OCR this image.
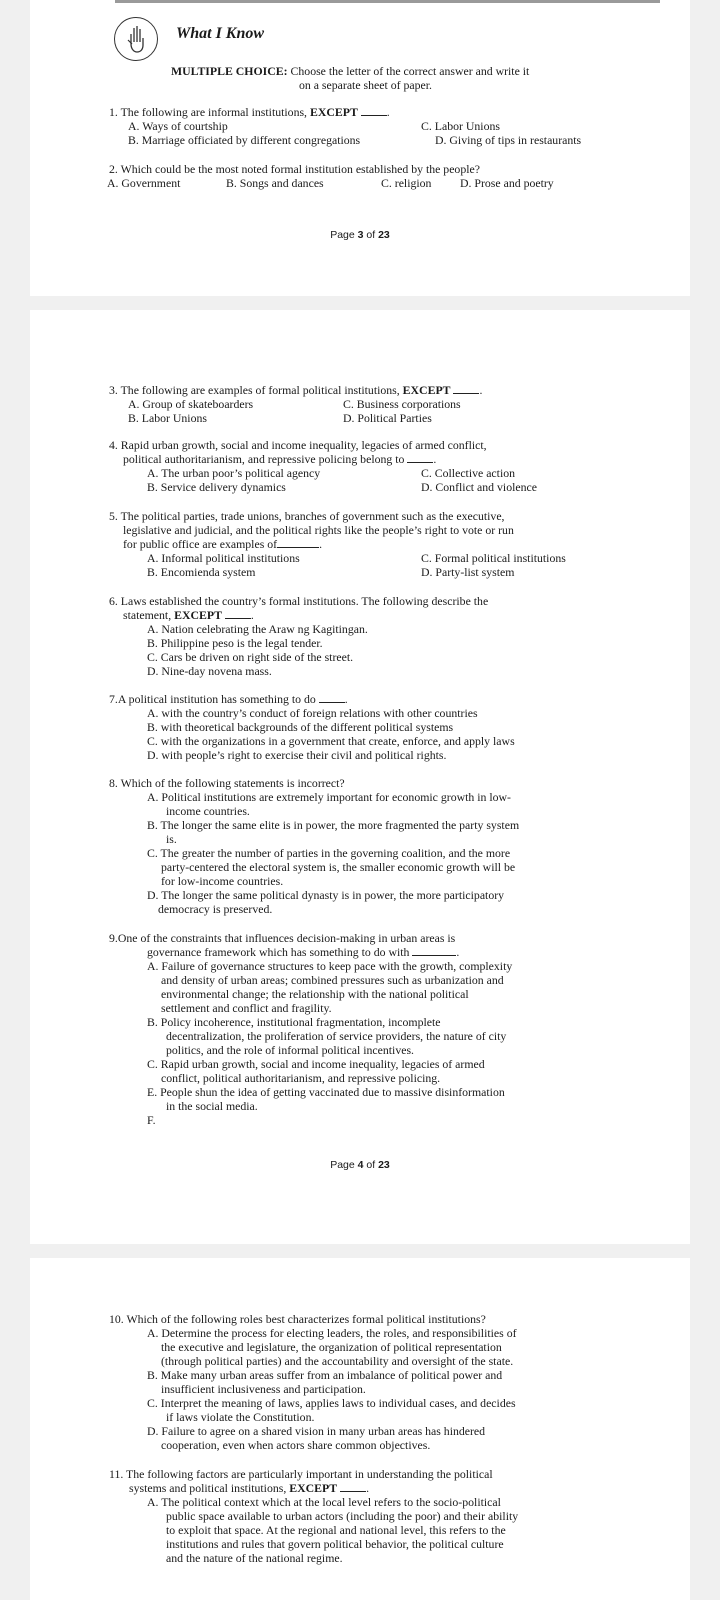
What I Know
MULTIPLE CHOICE: Choose the letter of the correct answer and write it
on a separate sheet of paper.
1. The following are informal institutions, EXCEPT .
A. Ways of courtship	C. Labor Unions
B. Marriage officiated by different congregations	D. Giving of tips in restaurants
2. Which could be the most noted formal institution established by the people?
A. Government	B. Songs and dances	C. religion D. Prose and poetry
Page 3 of 23
3. The following are examples of formal political institutions, EXCEPT .
A. Group of skateboarders	C. Business corporations
B. Labor Unions	D. Political Parties
4. Rapid urban growth, social and income inequality, legacies of armed conflict,
political authoritarianism, and repressive policing belong to .
A. The urban poor’s political agency	C. Collective action
B. Service delivery dynamics	D. Conflict and violence
5. The political parties, trade unions, branches of government such as the executive,
legislative and judicial, and the political rights like the people’s right to vote or run
for public office are examples of	.
A. Informal political institutions	C. Formal political institutions
B. Encomienda system	D. Party-list system
6. Laws established the country’s formal institutions. The following describe the
statement, EXCEPT .
A. Nation celebrating the Araw ng Kagitingan.
B. Philippine peso is the legal tender.
C. Cars be driven on right side of the street.
D. Nine-day novena mass.
7.A political institution has something to do .
A. with the country’s conduct of foreign relations with other countries
B. with theoretical backgrounds of the different political systems
C. with the organizations in a government that create, enforce, and apply laws
D. with people’s right to exercise their civil and political rights.
8. Which of the following statements is incorrect?
A. Political institutions are extremely important for economic growth in low-
income countries.
B. The longer the same elite is in power, the more fragmented the party system
is.
C. The greater the number of parties in the governing coalition, and the more
party-centered the electoral system is, the smaller economic growth will be
for low-income countries.
D. The longer the same political dynasty is in power, the more participatory
democracy is preserved.
9.One of the constraints that influences decision-making in urban areas is
governance framework which has something to do with	.
A. Failure of governance structures to keep pace with the growth, complexity
and density of urban areas; combined pressures such as urbanization and
environmental change; the relationship with the national political
settlement and conflict and fragility.
B. Policy incoherence, institutional fragmentation, incomplete
decentralization, the proliferation of service providers, the nature of city
politics, and the role of informal political incentives.
C. Rapid urban growth, social and income inequality, legacies of armed
conflict, political authoritarianism, and repressive policing.
E. People shun the idea of getting vaccinated due to massive disinformation
in the social media.
F.
Page 4 of 23
10. Which of the following roles best characterizes formal political institutions?
A. Determine the process for electing leaders, the roles, and responsibilities of
the executive and legislature, the organization of political representation
(through political parties) and the accountability and oversight of the state.
B. Make many urban areas suffer from an imbalance of political power and
insufficient inclusiveness and participation.
C. Interpret the meaning of laws, applies laws to individual cases, and decides
if laws violate the Constitution.
D. Failure to agree on a shared vision in many urban areas has hindered
cooperation, even when actors share common objectives.
11. The following factors are particularly important in understanding the political
systems and political institutions, EXCEPT .
A. The political context which at the local level refers to the socio-political
public space available to urban actors (including the poor) and their ability
to exploit that space. At the regional and national level, this refers to the
institutions and rules that govern political behavior, the political culture
and the nature of the national regime.
